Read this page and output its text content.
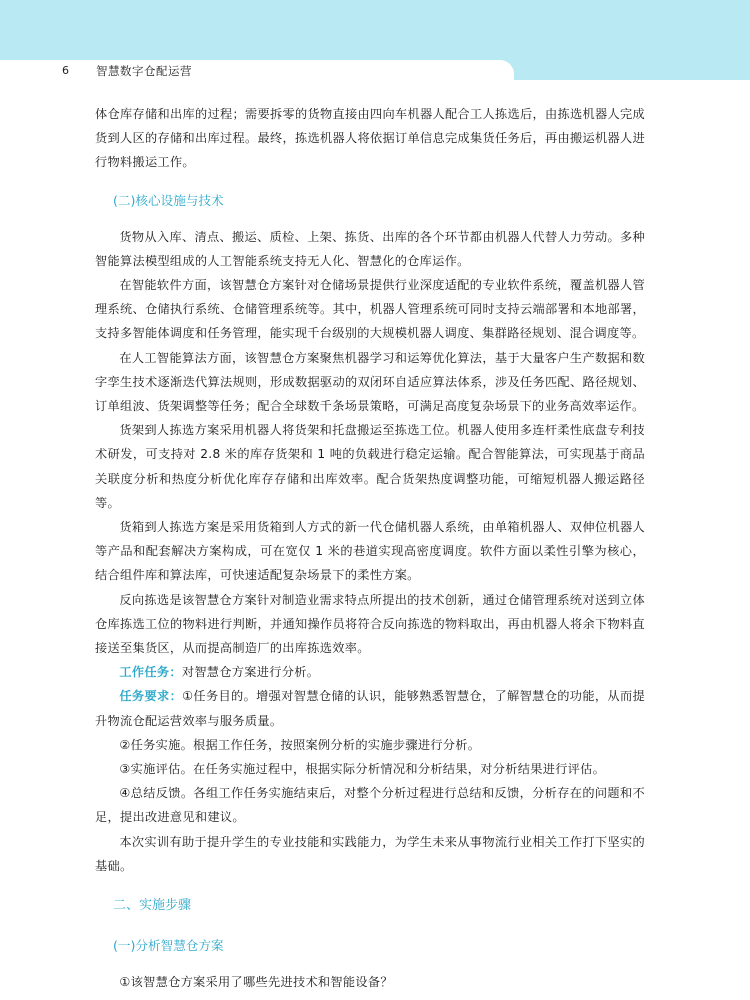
6 智慧数字仓配运营

体仓库存储和出库的过程；需要拆零的货物直接由四向车机器人配合工人拣选后，由拣选机器人完成货到人区的存储和出库过程。最终，拣选机器人将依据订单信息完成集货任务后，再由搬运机器人进行物料搬运工作。

(二)核心设施与技术

货物从入库、清点、搬运、质检、上架、拣货、出库的各个环节都由机器人代替人力劳动。多种智能算法模型组成的人工智能系统支持无人化、智慧化的仓库运作。

在智能软件方面，该智慧仓方案针对仓储场景提供行业深度适配的专业软件系统，覆盖机器人管理系统、仓储执行系统、仓储管理系统等。其中，机器人管理系统可同时支持云端部署和本地部署，支持多智能体调度和任务管理，能实现千台级别的大规模机器人调度、集群路径规划、混合调度等。

在人工智能算法方面，该智慧仓方案聚焦机器学习和运筹优化算法，基于大量客户生产数据和数字孪生技术逐渐迭代算法规则，形成数据驱动的双闭环自适应算法体系，涉及任务匹配、路径规划、订单组波、货架调整等任务；配合全球数千条场景策略，可满足高度复杂场景下的业务高效率运作。

货架到人拣选方案采用机器人将货架和托盘搬运至拣选工位。机器人使用多连杆柔性底盘专利技术研发，可支持对 2.8 米的库存货架和 1 吨的负载进行稳定运输。配合智能算法，可实现基于商品关联度分析和热度分析优化库存存储和出库效率。配合货架热度调整功能，可缩短机器人搬运路径等。

货箱到人拣选方案是采用货箱到人方式的新一代仓储机器人系统，由单箱机器人、双伸位机器人等产品和配套解决方案构成，可在宽仅 1 米的巷道实现高密度调度。软件方面以柔性引擎为核心，结合组件库和算法库，可快速适配复杂场景下的柔性方案。

反向拣选是该智慧仓方案针对制造业需求特点所提出的技术创新，通过仓储管理系统对送到立体仓库拣选工位的物料进行判断，并通知操作员将符合反向拣选的物料取出，再由机器人将余下物料直接送至集货区，从而提高制造厂的出库拣选效率。

工作任务：对智慧仓方案进行分析。

任务要求：①任务目的。增强对智慧仓储的认识，能够熟悉智慧仓，了解智慧仓的功能，从而提升物流仓配运营效率与服务质量。

②任务实施。根据工作任务，按照案例分析的实施步骤进行分析。

③实施评估。在任务实施过程中，根据实际分析情况和分析结果，对分析结果进行评估。

④总结反馈。各组工作任务实施结束后，对整个分析过程进行总结和反馈，分析存在的问题和不足，提出改进意见和建议。

本次实训有助于提升学生的专业技能和实践能力，为学生未来从事物流行业相关工作打下坚实的基础。

二、实施步骤
(一)分析智慧仓方案

①该智慧仓方案采用了哪些先进技术和智能设备？
